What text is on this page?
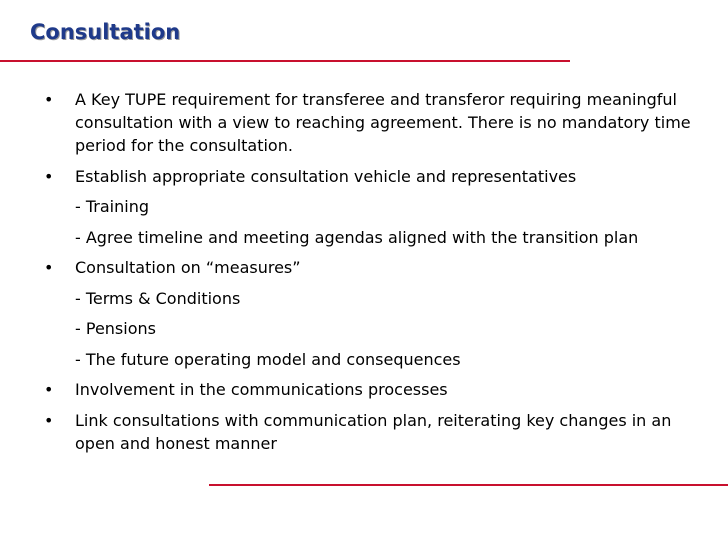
Consultation
• A Key TUPE requirement for transferee and transferor requiring meaningful consultation with a view to reaching agreement. There is no mandatory time period for the consultation.
• Establish appropriate consultation vehicle and representatives
- Training
- Agree timeline and meeting agendas aligned with the transition plan
• Consultation on “measures”
- Terms & Conditions
- Pensions
- The future operating model and consequences
• Involvement in the communications processes
• Link consultations with communication plan, reiterating key changes in an open and honest manner
